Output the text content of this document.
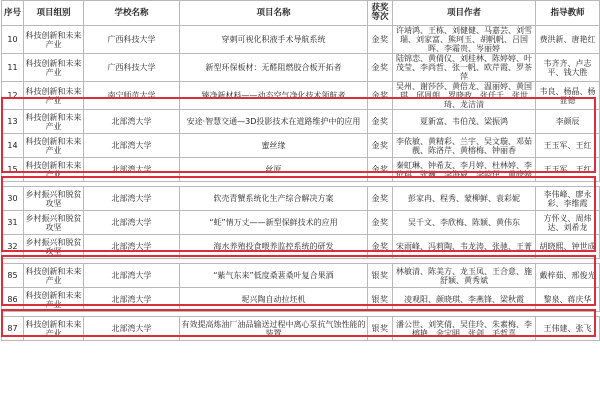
序号	项目组别	学校名称	项目名称	获奖等次	项目作者	指导教师
10	科技创新和未来产业	广西科技大学	穿刺可视化积液手术导航系统	金奖	许靖鸿、王栋、刘健健、马嘉芸、刘雪瑞、刘家富、熊珂玉、胡帆帆、吕国晖、李霜贵、岑丽婷	费洪新、唐艳红
11	科技创新和未来产业	广西科技大学	新型环保板材：无醛阻燃胶合板开拓者	金奖	陆锦恋、黄倩仪、刘桂林、陈婷婷、叶茂莹、李尚哲、张一帆、欧芹霞、罗茶萍	韦齐齐、卢志平、钱大胜
12	科技创新和未来产业	南宁师范大学	臻净新材料——动态空气净化技术领航者	金奖	吴州、谢莎莎、黄倍龙、温丽婷、黄国琪、邱周朗、罗晓政、张仟千、张世琦、龙洁清	韦良、杨晶、杨显德
13	科技创新和未来产业	北部湾大学	安途·智慧交通—3D投影技术在道路维护中的应用	金奖	夏新富、韦伯茂、梁振鸿	李颜辰
14	科技创新和未来产业	北部湾大学	蜜丝缘	金奖	李依敏、黄精彩、兰宇、吴文璇、邓茹靓、陈洛芹、黄榕梅、钟丽香	王玉军、王红
15	科技创新和未来产业	北部湾大学	丝原	金奖	秦虹琳、钟希友、李月婷、杜林婷、李依琪、张巍、李海威、李韵伊、黄晓娉	王玉军、王红

30	乡村振兴和脱贫攻坚	北部湾大学	软壳青蟹系统化生产综合解决方案	金奖	彭家冉、程秀、蒙柳鲜、袁彩妮	李伟峰、廖永彩、李维霞
31	乡村振兴和脱贫攻坚	北部湾大学	“蚝”情万丈——新型保鲜技术的应用	金奖	吴千文、李欣梅、陈颖、黄伟东	方怀义、周炜达、刘希龙
32	乡村振兴和脱贫攻坚	北部湾大学	海水养殖投食喂养监控系统的研发	金奖	宋雨峰、冯莉陶、韦龙涛、张驰、王菁	胡晓熙、钟世成

85	科技创新和未来产业	北部湾大学	“紫气东来”低度桑葚桑叶复合果酒	银奖	林敏清、陈美方、龙玉凤、王合意、施舒颖、黄秀斌	戴梓茹、邢俊光
86	科技创新和未来产业	北部湾大学	坭兴陶自动拉坯机	银奖	凌观阳、颜晓琪、李燕锋、梁秋霞	黎泉、蒋庆华

87	科技创新和未来产业	北部湾大学	有效提高炼油厂油品输送过程中离心泵抗气蚀性能的装置	银奖	潘公世、刘笑倩、吴佳玲、朱素梅、李榕艳、余宝明、张剑、毛哲喜	王伟建、张飞
